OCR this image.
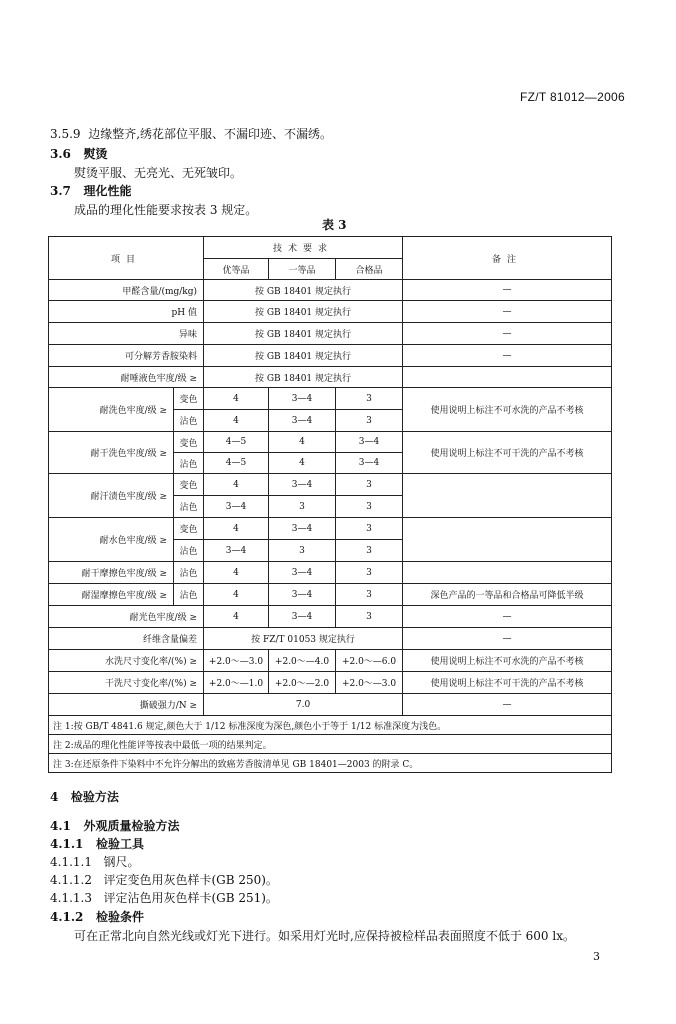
FZ/T 81012—2006
3.5.9 边缘整齐,绣花部位平服、不漏印迹、不漏绣。
3.6 熨烫
熨烫平服、无亮光、无死皱印。
3.7 理化性能
成品的理化性能要求按表 3 规定。
表 3
项目		技术要求			备注
		优等品	一等品	合格品	
甲醛含量/(mg/kg)		按 GB 18401 规定执行			—
pH 值		按 GB 18401 规定执行			—
异味		按 GB 18401 规定执行			—
可分解芳香胺染料		按 GB 18401 规定执行			—
耐唾液色牢度/级 ≥		按 GB 18401 规定执行			
耐洗色牢度/级 ≥	变色	4	3—4	3	使用说明上标注不可水洗的产品不考核
	沾色	4	3—4	3	
耐干洗色牢度/级 ≥	变色	4—5	4	3—4	使用说明上标注不可干洗的产品不考核
	沾色	4—5	4	3—4	
耐汗渍色牢度/级 ≥	变色	4	3—4	3	
	沾色	3—4	3	3	
耐水色牢度/级 ≥	变色	4	3—4	3	
	沾色	3—4	3	3	
耐干摩擦色牢度/级 ≥	沾色	4	3—4	3	
耐湿摩擦色牢度/级 ≥	沾色	4	3—4	3	深色产品的一等品和合格品可降低半级
耐光色牢度/级 ≥		4	3—4	3	—
纤维含量偏差		按 FZ/T 01053 规定执行			—
水洗尺寸变化率/(%) ≥		+2.0～—3.0	+2.0～—4.0	+2.0～—6.0	使用说明上标注不可水洗的产品不考核
干洗尺寸变化率/(%) ≥		+2.0～—1.0	+2.0～—2.0	+2.0～—3.0	使用说明上标注不可干洗的产品不考核
撕破强力/N ≥		7.0			—
注 1:按 GB/T 4841.6 规定,颜色大于 1/12 标准深度为深色,颜色小于等于 1/12 标准深度为浅色。					
注 2:成品的理化性能评等按表中最低一项的结果判定。					
注 3:在还原条件下染料中不允许分解出的致癌芳香胺清单见 GB 18401—2003 的附录 C。					
4 检验方法
4.1 外观质量检验方法
4.1.1 检验工具
4.1.1.1 钢尺。
4.1.1.2 评定变色用灰色样卡(GB 250)。
4.1.1.3 评定沾色用灰色样卡(GB 251)。
4.1.2 检验条件
可在正常北向自然光线或灯光下进行。如采用灯光时,应保持被检样品表面照度不低于 600 lx。
3
